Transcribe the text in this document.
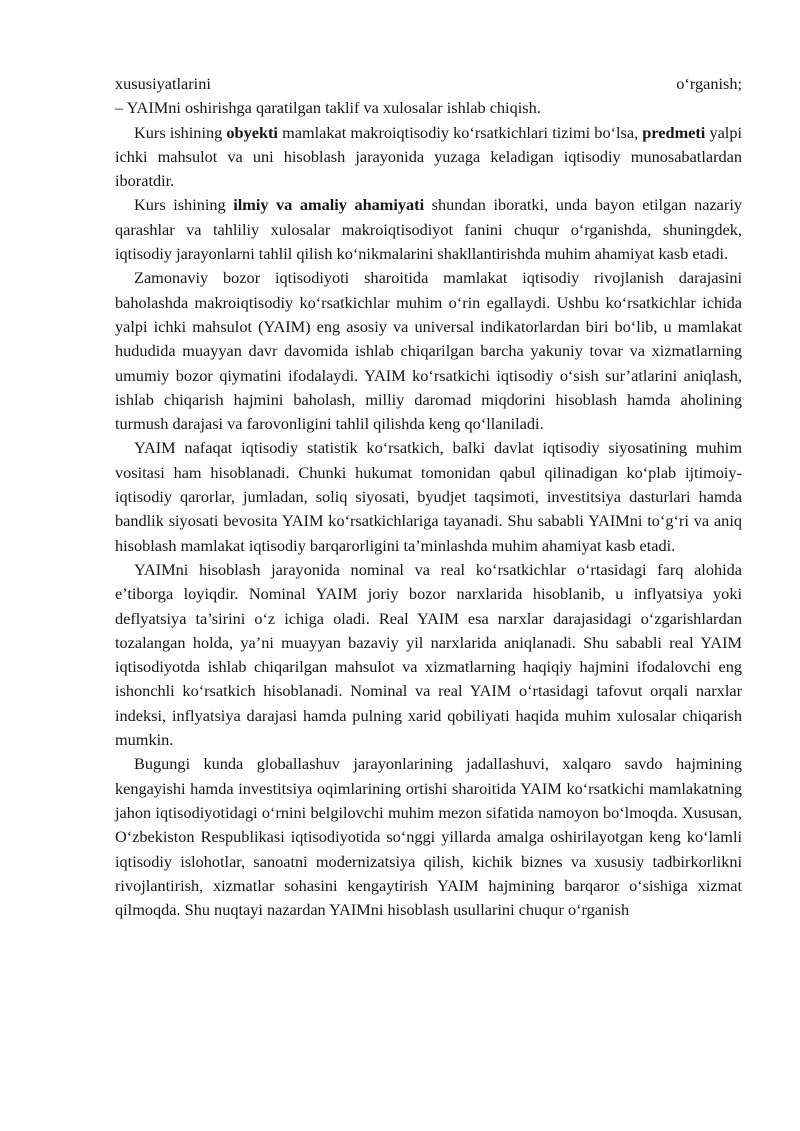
xususiyatlarini o‘rganish;

– YAIMni oshirishga qaratilgan taklif va xulosalar ishlab chiqish.

Kurs ishining obyekti mamlakat makroiqtisodiy ko‘rsatkichlari tizimi bo‘lsa, predmeti yalpi ichki mahsulot va uni hisoblash jarayonida yuzaga keladigan iqtisodiy munosabatlardan iboratdir.

Kurs ishining ilmiy va amaliy ahamiyati shundan iboratki, unda bayon etilgan nazariy qarashlar va tahliliy xulosalar makroiqtisodiyot fanini chuqur o‘rganishda, shuningdek, iqtisodiy jarayonlarni tahlil qilish ko‘nikmalarini shakllantirishda muhim ahamiyat kasb etadi.

Zamonaviy bozor iqtisodiyoti sharoitida mamlakat iqtisodiy rivojlanish darajasini baholashda makroiqtisodiy ko‘rsatkichlar muhim o‘rin egallaydi. Ushbu ko‘rsatkichlar ichida yalpi ichki mahsulot (YAIM) eng asosiy va universal indikatorlardan biri bo‘lib, u mamlakat hududida muayyan davr davomida ishlab chiqarilgan barcha yakuniy tovar va xizmatlarning umumiy bozor qiymatini ifodalaydi. YAIM ko‘rsatkichi iqtisodiy o‘sish sur’atlarini aniqlash, ishlab chiqarish hajmini baholash, milliy daromad miqdorini hisoblash hamda aholining turmush darajasi va farovonligini tahlil qilishda keng qo‘llaniladi.

YAIM nafaqat iqtisodiy statistik ko‘rsatkich, balki davlat iqtisodiy siyosatining muhim vositasi ham hisoblanadi. Chunki hukumat tomonidan qabul qilinadigan ko‘plab ijtimoiy-iqtisodiy qarorlar, jumladan, soliq siyosati, byudjet taqsimoti, investitsiya dasturlari hamda bandlik siyosati bevosita YAIM ko‘rsatkichlariga tayanadi. Shu sababli YAIMni to‘g‘ri va aniq hisoblash mamlakat iqtisodiy barqarorligini ta’minlashda muhim ahamiyat kasb etadi.

YAIMni hisoblash jarayonida nominal va real ko‘rsatkichlar o‘rtasidagi farq alohida e’tiborga loyiqdir. Nominal YAIM joriy bozor narxlarida hisoblanib, u inflyatsiya yoki deflyatsiya ta’sirini o‘z ichiga oladi. Real YAIM esa narxlar darajasidagi o‘zgarishlardan tozalangan holda, ya’ni muayyan bazaviy yil narxlarida aniqlanadi. Shu sababli real YAIM iqtisodiyotda ishlab chiqarilgan mahsulot va xizmatlarning haqiqiy hajmini ifodalovchi eng ishonchli ko‘rsatkich hisoblanadi. Nominal va real YAIM o‘rtasidagi tafovut orqali narxlar indeksi, inflyatsiya darajasi hamda pulning xarid qobiliyati haqida muhim xulosalar chiqarish mumkin.

Bugungi kunda globallashuv jarayonlarining jadallashuvi, xalqaro savdo hajmining kengayishi hamda investitsiya oqimlarining ortishi sharoitida YAIM ko‘rsatkichi mamlakatning jahon iqtisodiyotidagi o‘rnini belgilovchi muhim mezon sifatida namoyon bo‘lmoqda. Xususan, O‘zbekiston Respublikasi iqtisodiyotida so‘nggi yillarda amalga oshirilayotgan keng ko‘lamli iqtisodiy islohotlar, sanoatni modernizatsiya qilish, kichik biznes va xususiy tadbirkorlikni rivojlantirish, xizmatlar sohasini kengaytirish YAIM hajmining barqaror o‘sishiga xizmat qilmoqda. Shu nuqtayi nazardan YAIMni hisoblash usullarini chuqur o‘rganish
